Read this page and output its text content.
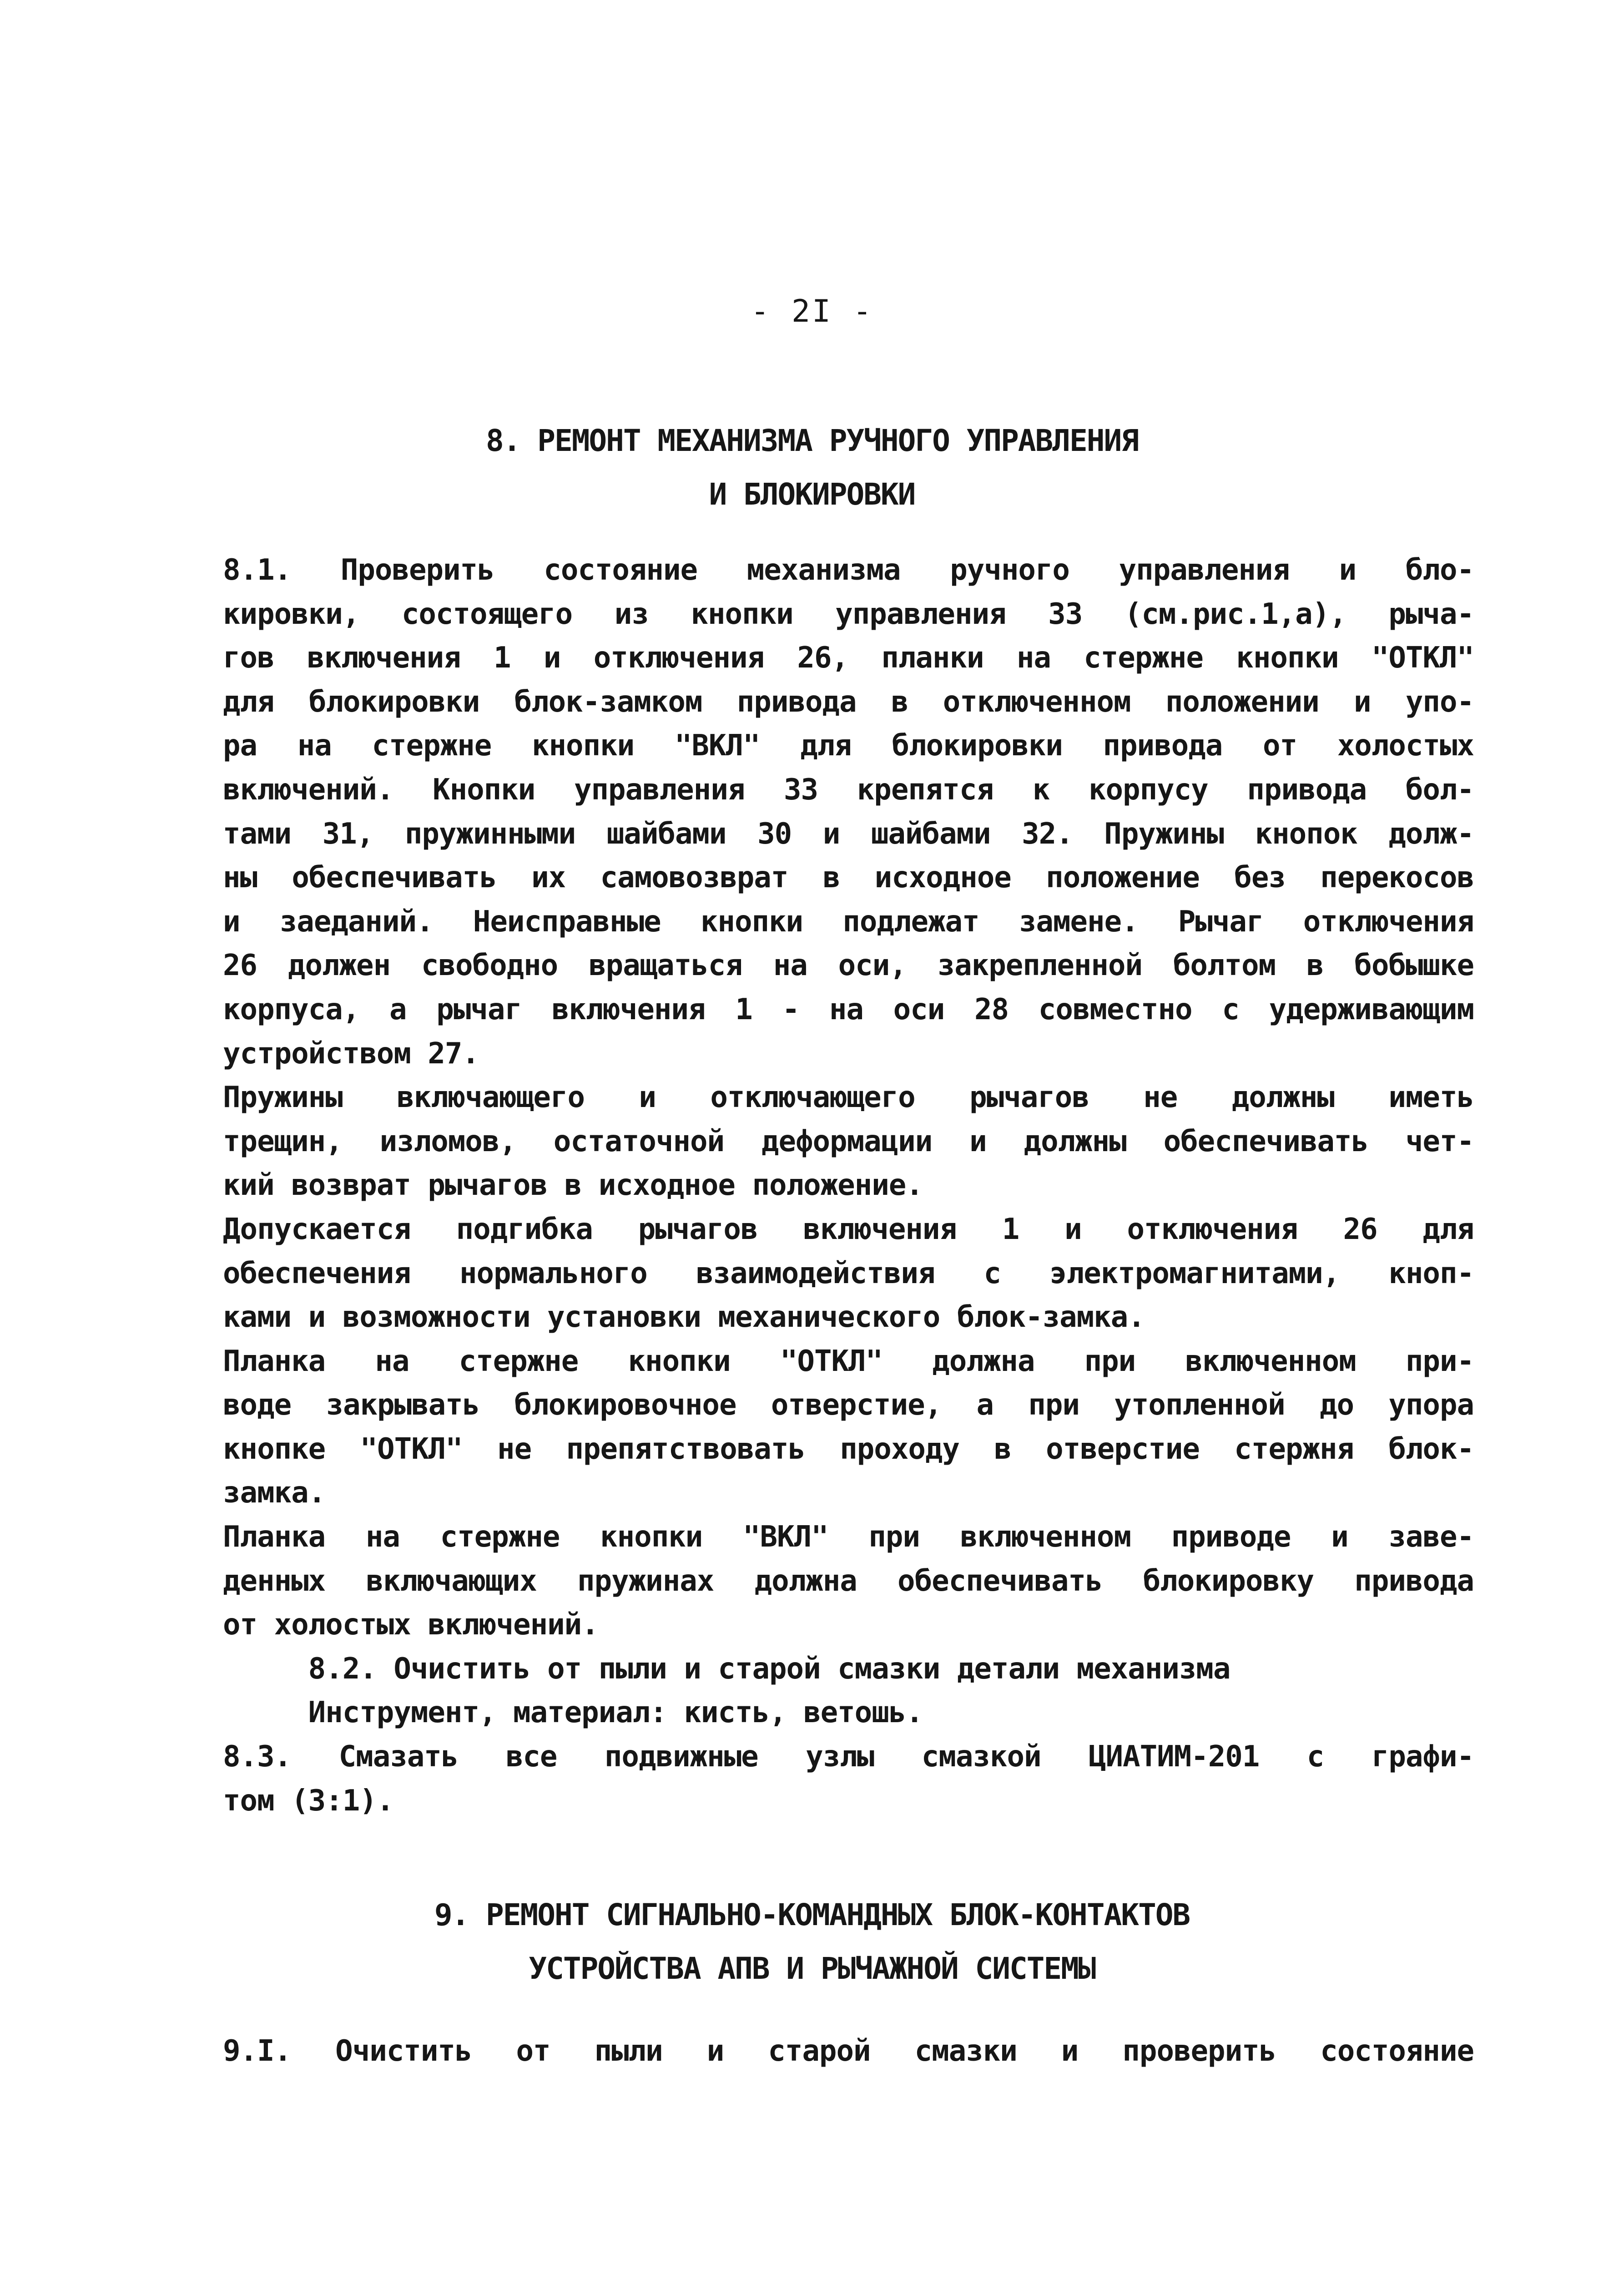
- 2I -
8. РЕМОНТ МЕХАНИЗМА РУЧНОГО УПРАВЛЕНИЯ
И БЛОКИРОВКИ
8.1. Проверить состояние механизма ручного управления и бло-
кировки, состоящего из кнопки управления 33 (см.рис.1,а), рыча-
гов включения 1 и отключения 26, планки на стержне кнопки "ОТКЛ"
для блокировки блок-замком привода в отключенном положении и упо-
ра на стержне кнопки "ВКЛ" для блокировки привода от холостых
включений. Кнопки управления 33 крепятся к корпусу привода бол-
тами 31, пружинными шайбами 30 и шайбами 32. Пружины кнопок долж-
ны обеспечивать их самовозврат в исходное положение без перекосов
и заеданий. Неисправные кнопки подлежат замене. Рычаг отключения
26 должен свободно вращаться на оси, закрепленной болтом в бобышке
корпуса, а рычаг включения 1 - на оси 28 совместно с удерживающим
устройством 27.
Пружины включающего и отключающего рычагов не должны иметь
трещин, изломов, остаточной деформации и должны обеспечивать чет-
кий возврат рычагов в исходное положение.
Допускается подгибка рычагов включения 1 и отключения 26 для
обеспечения нормального взаимодействия с электромагнитами, кноп-
ками и возможности установки механического блок-замка.
Планка на стержне кнопки "ОТКЛ" должна при включенном при-
воде закрывать блокировочное отверстие, а при утопленной до упора
кнопке "ОТКЛ" не препятствовать проходу в отверстие стержня блок-
замка.
Планка на стержне кнопки "ВКЛ" при включенном приводе и заве-
денных включающих пружинах должна обеспечивать блокировку привода
от холостых включений.
8.2. Очистить от пыли и старой смазки детали механизма
Инструмент, материал: кисть, ветошь.
8.3. Смазать все подвижные узлы смазкой ЦИАТИМ-201 с графи-
том (3:1).
9. РЕМОНТ СИГНАЛЬНО-КОМАНДНЫХ БЛОК-КОНТАКТОВ
УСТРОЙСТВА АПВ И РЫЧАЖНОЙ СИСТЕМЫ
9.I. Очистить от пыли и старой смазки и проверить состояние
